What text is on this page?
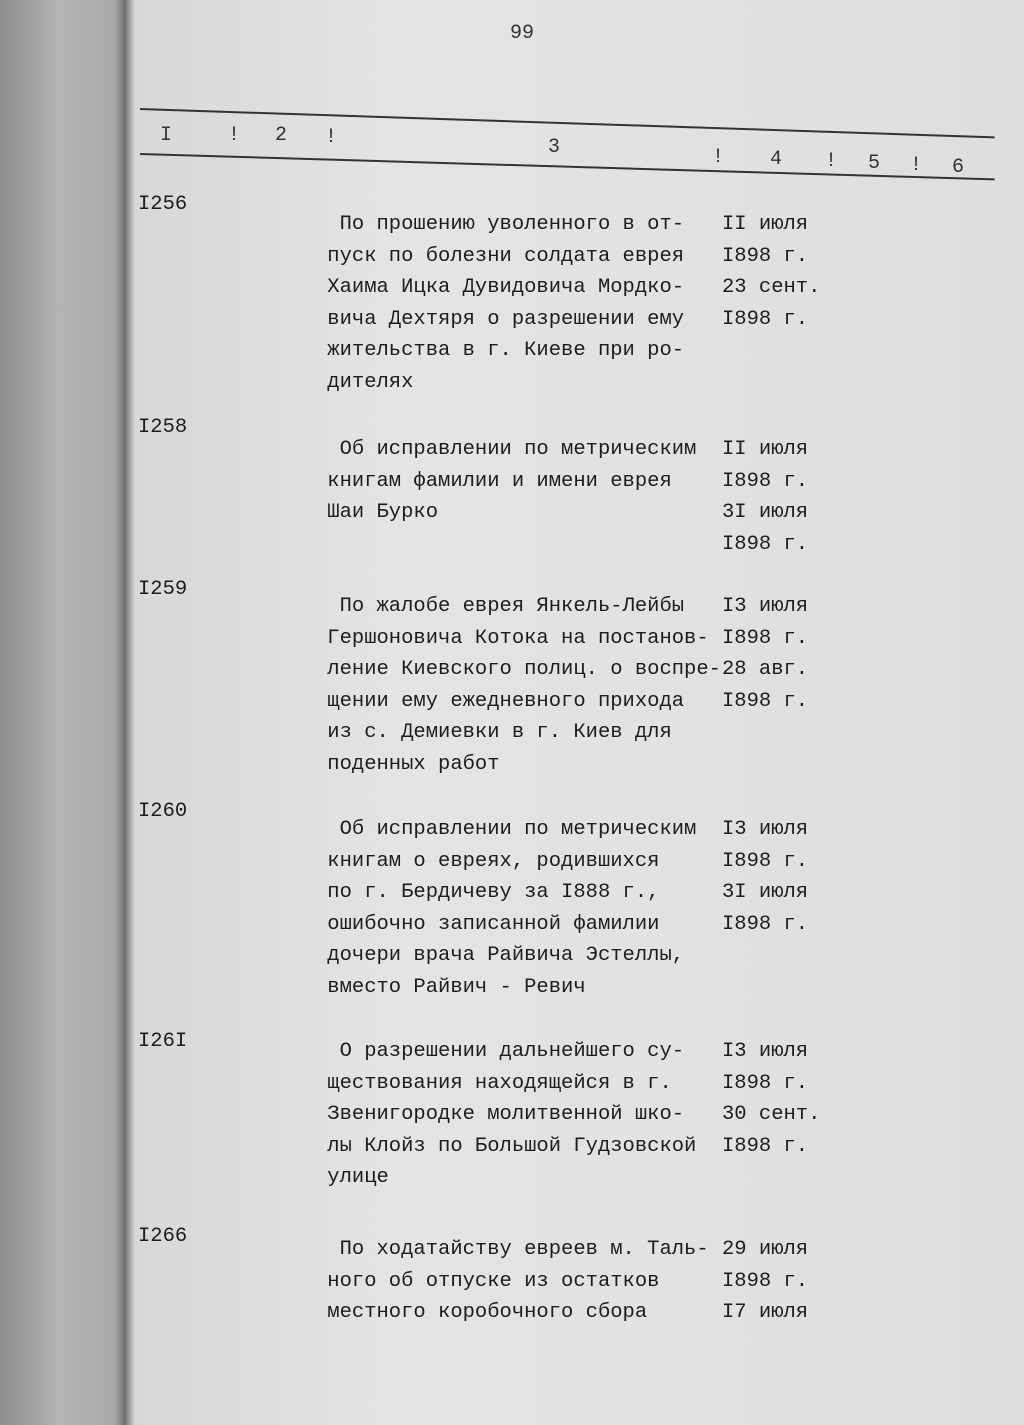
99
I	! 2 !	3	! 4 ! 5 ! 6
I256
По прошению уволенного в от- II июля
пуск по болезни солдата еврея I898 г.
Хаима Ицка Дувидовича Мордко- 23 сент.
вича Дехтяря о разрешении ему I898 г.
жительства в г. Киеве при ро-
дителях
I258
Об исправлении по метрическим II июля
книгам фамилии и имени еврея I898 г.
Шаи Бурко	3I июля
I898 г.
I259
По жалобе еврея Янкель-Лейбы I3 июля
Гершоновича Котока на постанов- I898 г.
ление Киевского полиц. о воспре- 28 авг.
щении ему ежедневного прихода I898 г.
из с. Демиевки в г. Киев для
поденных работ
I260
Об исправлении по метрическим I3 июля
книгам о евреях, родившихся	I898 г.
по г. Бердичеву за I888 г.,	3I июля
ошибочно записанной фамилии	I898 г.
дочери врача Райвича Эстеллы,
вместо Райвич - Ревич
I26I	О разрешении дальнейшего су- I3 июля
ществования находящейся в г. I898 г.
Звенигородке молитвенной шко- 30 сент.
лы Клойз по Большой Гудзовской I898 г.
улице
I266
По ходатайству евреев м. Таль- 29 июля
ного об отпуске из остатков	I898 г.
местного коробочного сбора	I7 июля
